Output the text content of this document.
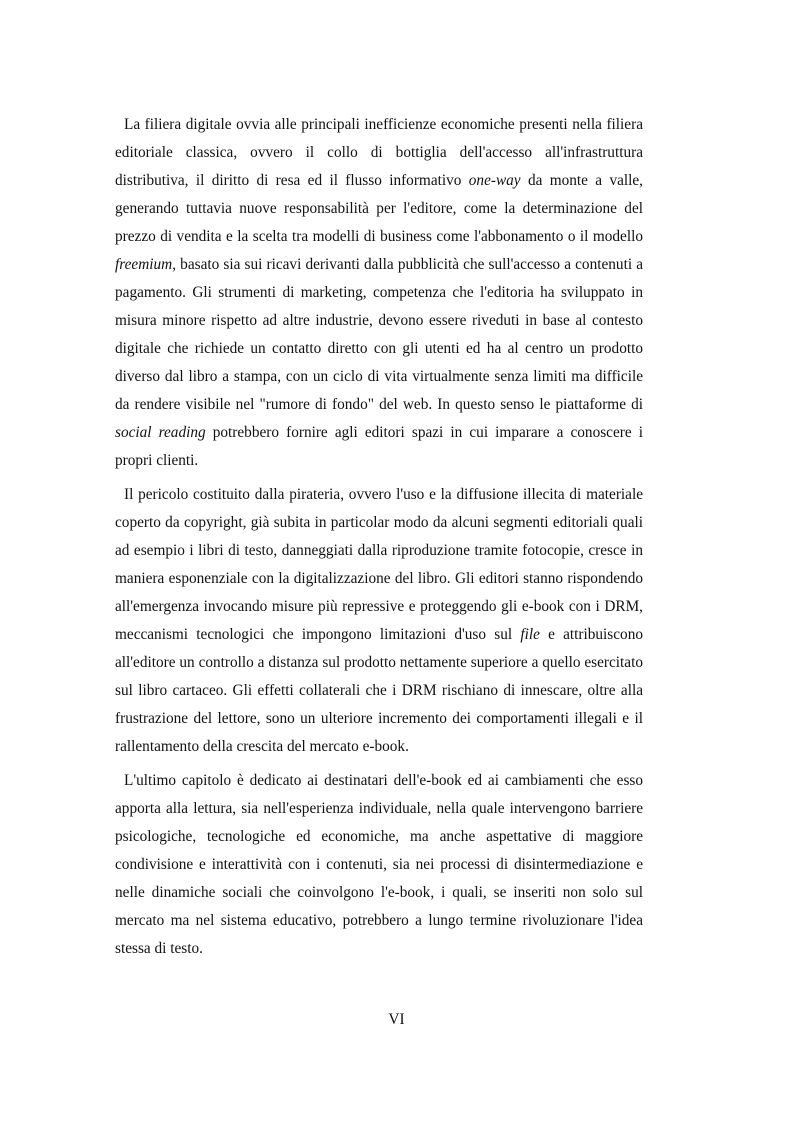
La filiera digitale ovvia alle principali inefficienze economiche presenti nella filiera editoriale classica, ovvero il collo di bottiglia dell'accesso all'infrastruttura distributiva, il diritto di resa ed il flusso informativo one-way da monte a valle, generando tuttavia nuove responsabilità per l'editore, come la determinazione del prezzo di vendita e la scelta tra modelli di business come l'abbonamento o il modello freemium, basato sia sui ricavi derivanti dalla pubblicità che sull'accesso a contenuti a pagamento. Gli strumenti di marketing, competenza che l'editoria ha sviluppato in misura minore rispetto ad altre industrie, devono essere riveduti in base al contesto digitale che richiede un contatto diretto con gli utenti ed ha al centro un prodotto diverso dal libro a stampa, con un ciclo di vita virtualmente senza limiti ma difficile da rendere visibile nel "rumore di fondo" del web. In questo senso le piattaforme di social reading potrebbero fornire agli editori spazi in cui imparare a conoscere i propri clienti.

Il pericolo costituito dalla pirateria, ovvero l'uso e la diffusione illecita di materiale coperto da copyright, già subita in particolar modo da alcuni segmenti editoriali quali ad esempio i libri di testo, danneggiati dalla riproduzione tramite fotocopie, cresce in maniera esponenziale con la digitalizzazione del libro. Gli editori stanno rispondendo all'emergenza invocando misure più repressive e proteggendo gli e-book con i DRM, meccanismi tecnologici che impongono limitazioni d'uso sul file e attribuiscono all'editore un controllo a distanza sul prodotto nettamente superiore a quello esercitato sul libro cartaceo. Gli effetti collaterali che i DRM rischiano di innescare, oltre alla frustrazione del lettore, sono un ulteriore incremento dei comportamenti illegali e il rallentamento della crescita del mercato e-book.

L'ultimo capitolo è dedicato ai destinatari dell'e-book ed ai cambiamenti che esso apporta alla lettura, sia nell'esperienza individuale, nella quale intervengono barriere psicologiche, tecnologiche ed economiche, ma anche aspettative di maggiore condivisione e interattività con i contenuti, sia nei processi di disintermediazione e nelle dinamiche sociali che coinvolgono l'e-book, i quali, se inseriti non solo sul mercato ma nel sistema educativo, potrebbero a lungo termine rivoluzionare l'idea stessa di testo.

VI
